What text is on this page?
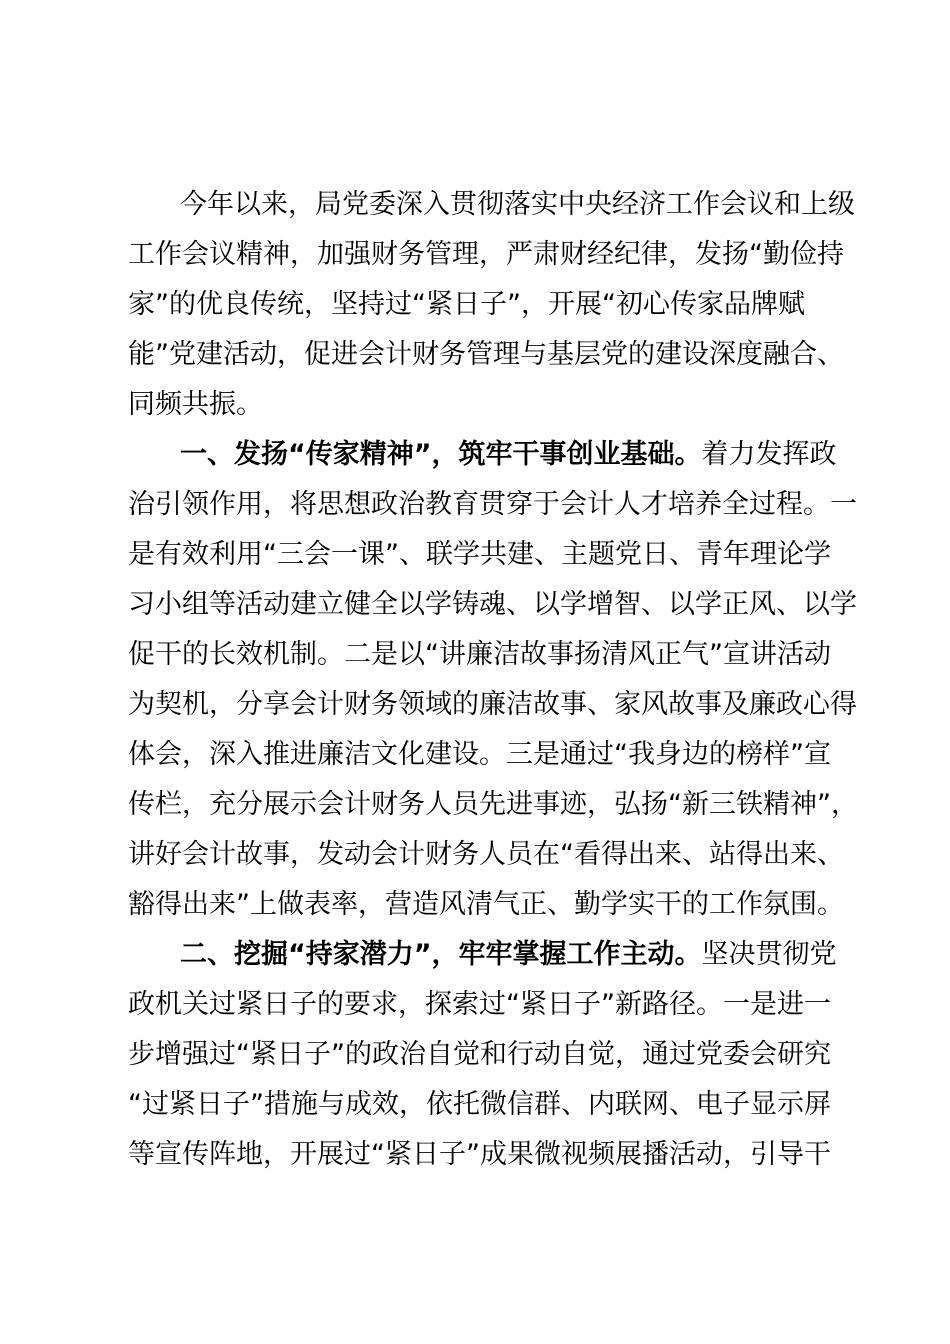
今年以来，局党委深入贯彻落实中央经济工作会议和上级
工作会议精神，加强财务管理，严肃财经纪律，发扬“勤俭持
家”的优良传统，坚持过“紧日子”，开展“初心传家品牌赋
能”党建活动，促进会计财务管理与基层党的建设深度融合、
同频共振。
一、发扬“传家精神”，筑牢干事创业基础。着力发挥政
治引领作用，将思想政治教育贯穿于会计人才培养全过程。一
是有效利用“三会一课”、联学共建、主题党日、青年理论学
习小组等活动建立健全以学铸魂、以学增智、以学正风、以学
促干的长效机制。二是以“讲廉洁故事扬清风正气”宣讲活动
为契机，分享会计财务领域的廉洁故事、家风故事及廉政心得
体会，深入推进廉洁文化建设。三是通过“我身边的榜样”宣
传栏，充分展示会计财务人员先进事迹，弘扬“新三铁精神”，
讲好会计故事，发动会计财务人员在“看得出来、站得出来、
豁得出来”上做表率，营造风清气正、勤学实干的工作氛围。
二、挖掘“持家潜力”，牢牢掌握工作主动。坚决贯彻党
政机关过紧日子的要求，探索过“紧日子”新路径。一是进一
步增强过“紧日子”的政治自觉和行动自觉，通过党委会研究
“过紧日子”措施与成效，依托微信群、内联网、电子显示屏
等宣传阵地，开展过“紧日子”成果微视频展播活动，引导干
